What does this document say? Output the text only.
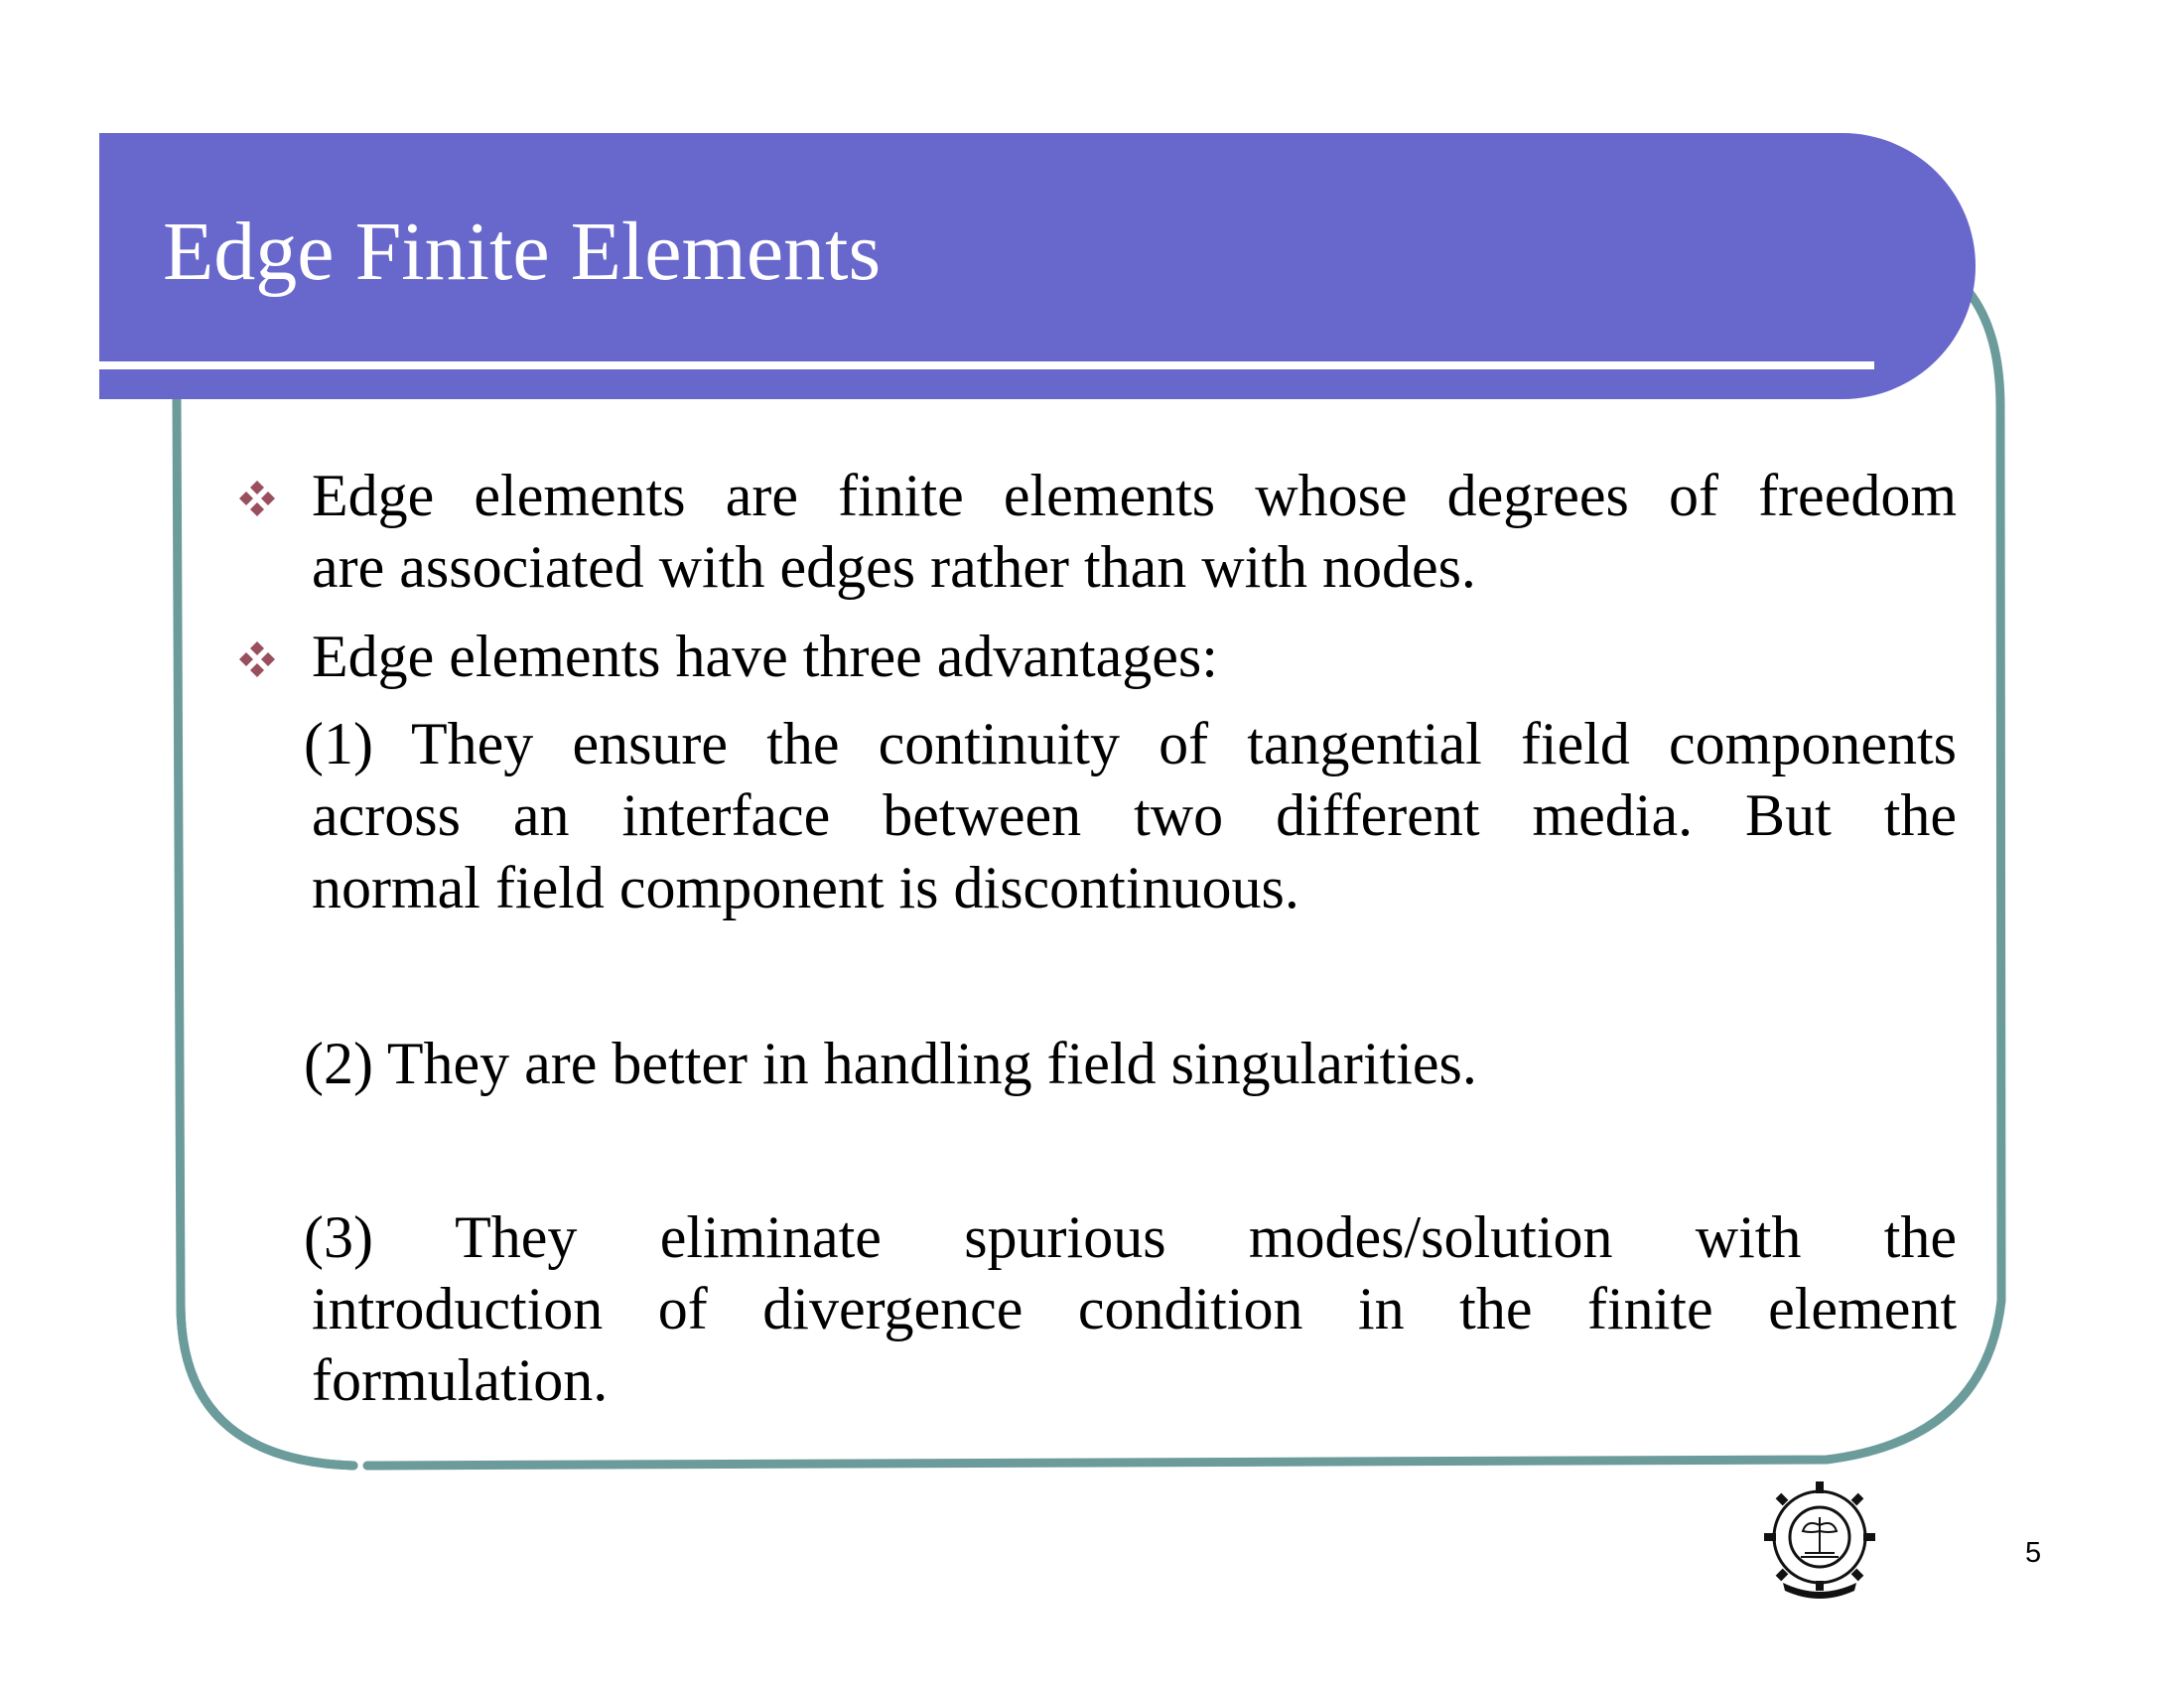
Edge Finite Elements

Edge elements are finite elements whose degrees of freedom

are associated with edges rather than with nodes.

Edge elements have three advantages:

(1) They ensure the continuity of tangential field components

across an interface between two different media. But the

normal field component is discontinuous.

(2) They are better in handling field singularities.

(3) They eliminate spurious modes/solution with the

introduction of divergence condition in the finite element

formulation.

5
